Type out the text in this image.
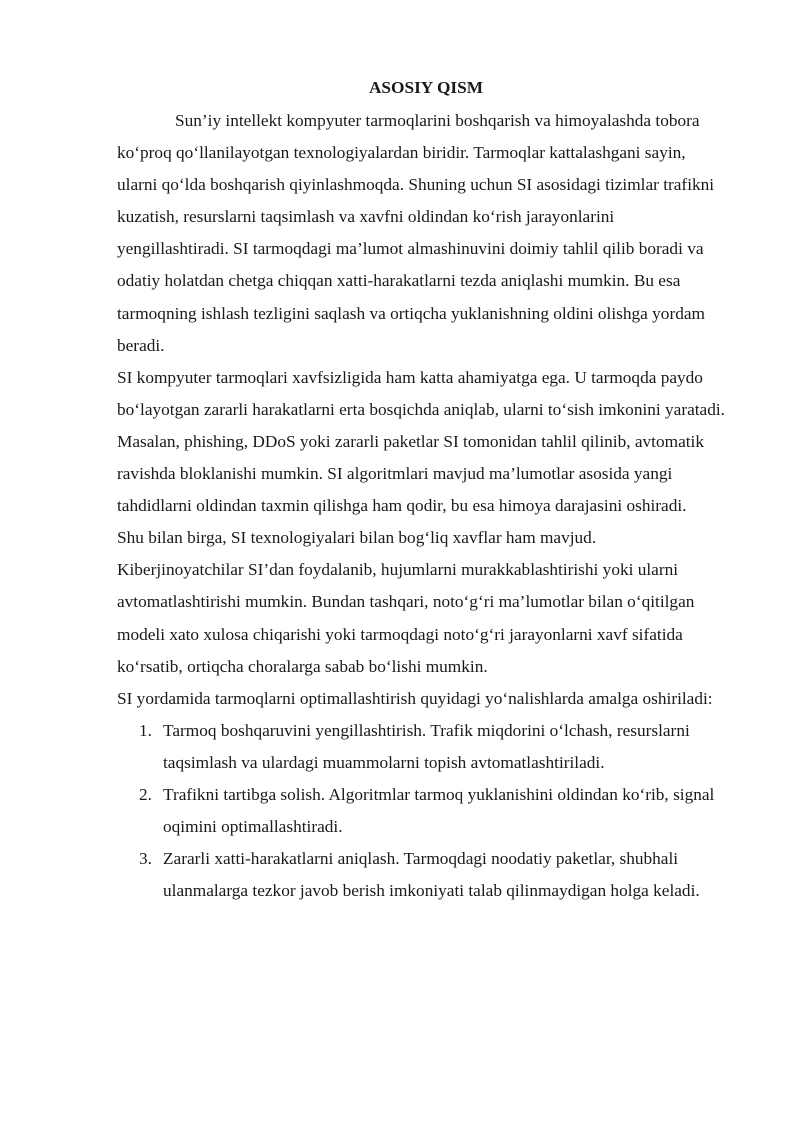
ASOSIY QISM

Sun’iy intellekt kompyuter tarmoqlarini boshqarish va himoyalashda tobora koʻproq qoʻllanilayotgan texnologiyalardan biridir. Tarmoqlar kattalashgani sayin, ularni qoʻlda boshqarish qiyinlashmoqda. Shuning uchun SI asosidagi tizimlar trafikni kuzatish, resurslarni taqsimlash va xavfni oldindan koʻrish jarayonlarini yengillashtiradi. SI tarmoqdagi ma’lumot almashinuvini doimiy tahlil qilib boradi va odatiy holatdan chetga chiqqan xatti-harakatlarni tezda aniqlashi mumkin. Bu esa tarmoqning ishlash tezligini saqlash va ortiqcha yuklanishning oldini olishga yordam beradi.

SI kompyuter tarmoqlari xavfsizligida ham katta ahamiyatga ega. U tarmoqda paydo boʻlayotgan zararli harakatlarni erta bosqichda aniqlab, ularni toʻsish imkonini yaratadi. Masalan, phishing, DDoS yoki zararli paketlar SI tomonidan tahlil qilinib, avtomatik ravishda bloklanishi mumkin. SI algoritmlari mavjud ma’lumotlar asosida yangi tahdidlarni oldindan taxmin qilishga ham qodir, bu esa himoya darajasini oshiradi.

Shu bilan birga, SI texnologiyalari bilan bogʻliq xavflar ham mavjud. Kiberjinoyatchilar SI’dan foydalanib, hujumlarni murakkablashtirishi yoki ularni avtomatlashtirishi mumkin. Bundan tashqari, notoʻgʻri ma’lumotlar bilan oʻqitilgan modeli xato xulosa chiqarishi yoki tarmoqdagi notoʻgʻri jarayonlarni xavf sifatida koʻrsatib, ortiqcha choralarga sabab boʻlishi mumkin.

SI yordamida tarmoqlarni optimallashtirish quyidagi yoʻnalishlarda amalga oshiriladi:

1. Tarmoq boshqaruvini yengillashtirish. Trafik miqdorini oʻlchash, resurslarni taqsimlash va ulardagi muammolarni topish avtomatlashtiriladi.
2. Trafikni tartibga solish. Algoritmlar tarmoq yuklanishini oldindan koʻrib, signal oqimini optimallashtiradi.
3. Zararli xatti-harakatlarni aniqlash. Tarmoqdagi noodatiy paketlar, shubhali ulanmalarga tezkor javob berish imkoniyati talab qilinmaydigan holga keladi.
